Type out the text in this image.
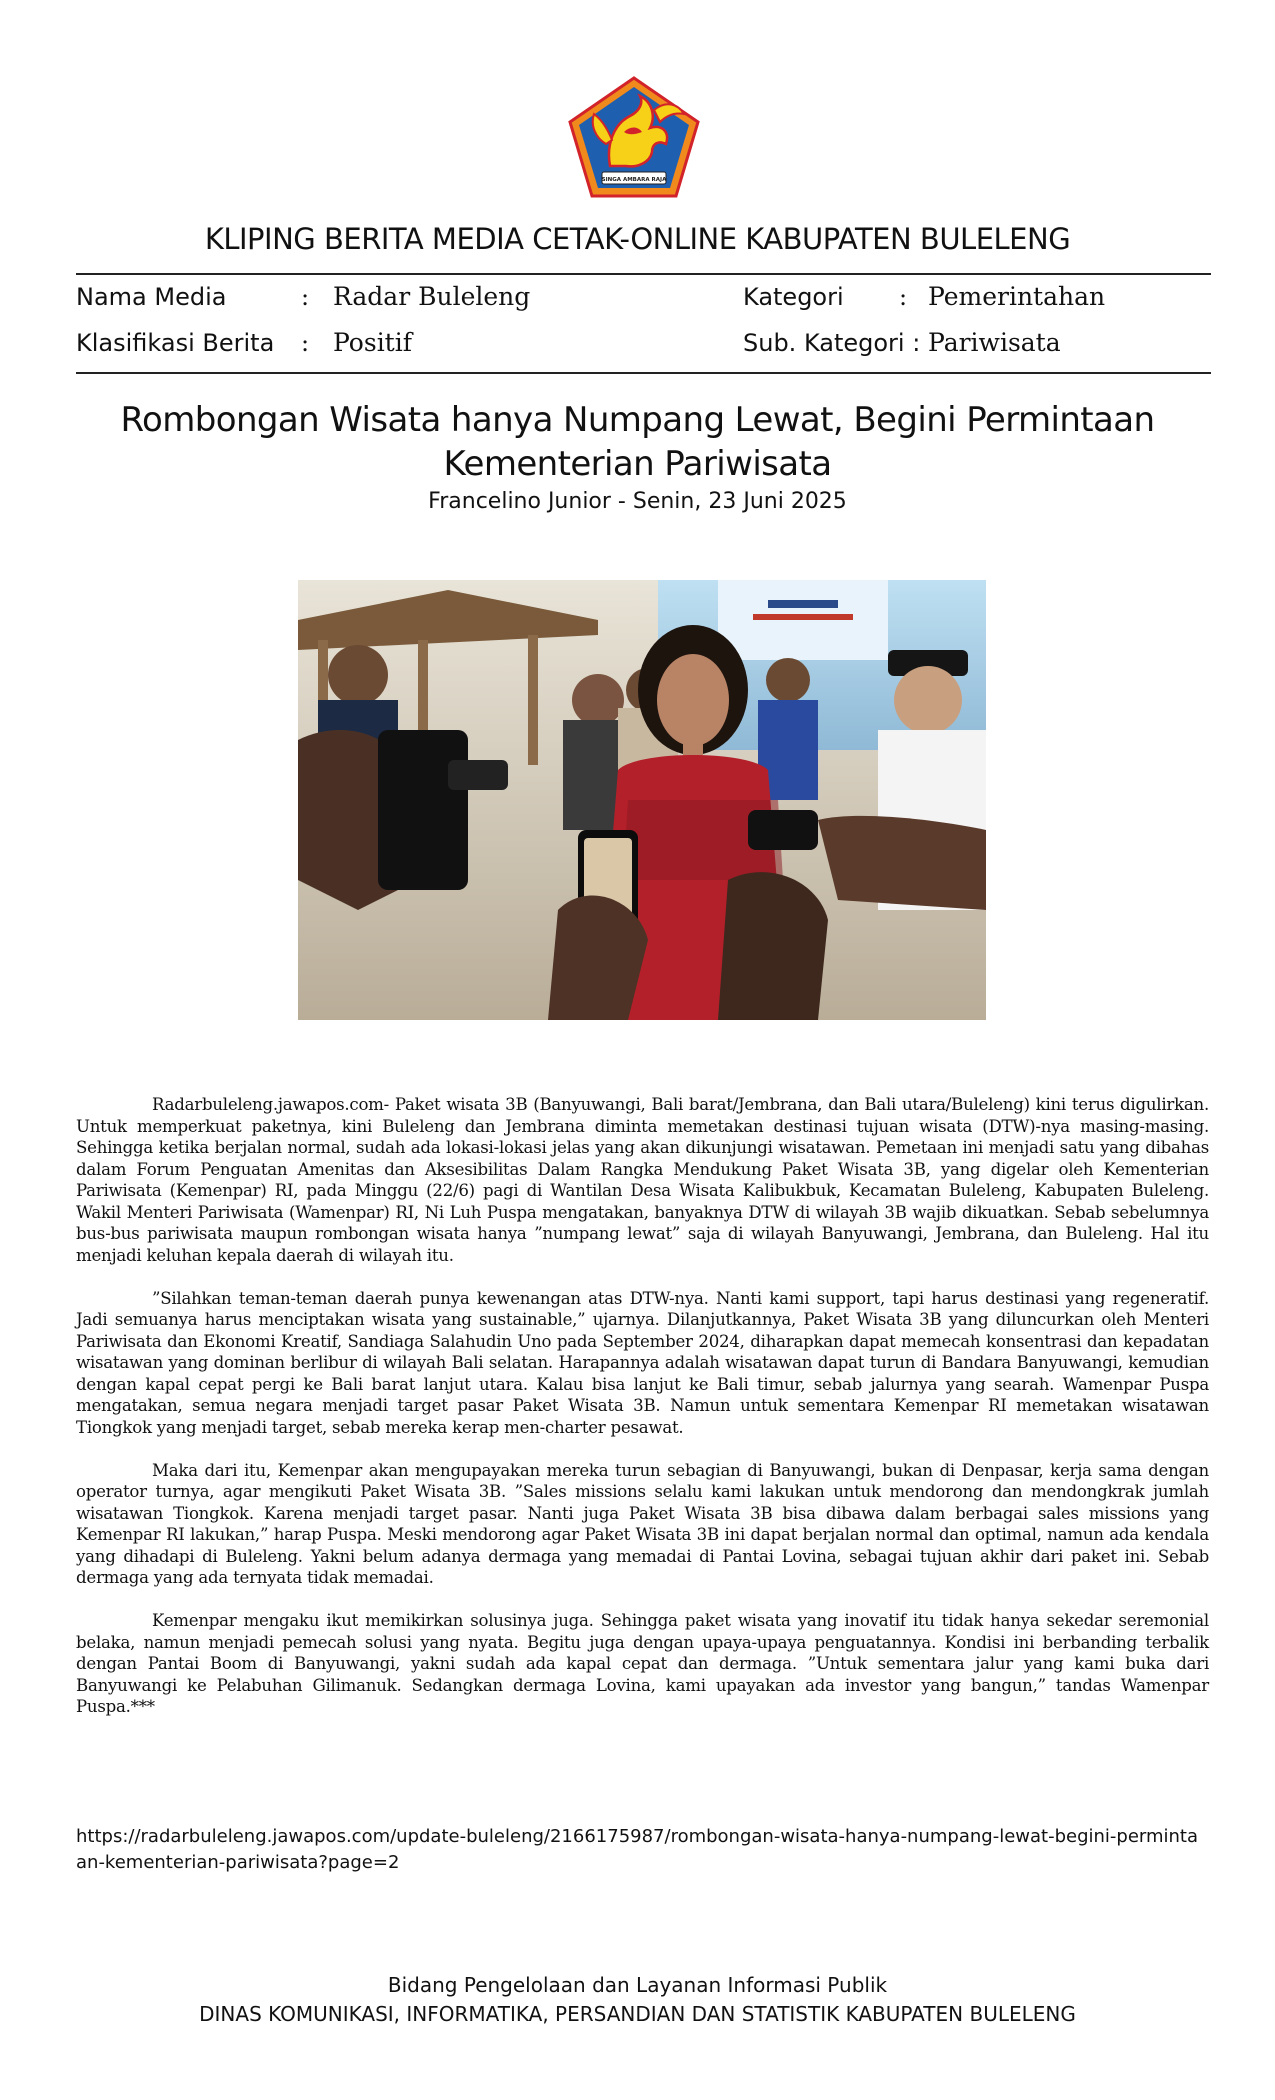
SINGA AMBARA RAJA
KLIPING BERITA MEDIA CETAK-ONLINE KABUPATEN BULELENG
Nama Media	: Radar Buleleng	Kategori : Pemerintahan
Klasifikasi Berita : Positif	Sub. Kategori : Pariwisata
Rombongan Wisata hanya Numpang Lewat, Begini Permintaan Kementerian Pariwisata
Francelino Junior - Senin, 23 Juni 2025

Radarbuleleng.jawapos.com- Paket wisata 3B (Banyuwangi, Bali barat/Jembrana, dan Bali utara/Buleleng) kini terus digulirkan. Untuk memperkuat paketnya, kini Buleleng dan Jembrana diminta memetakan destinasi tujuan wisata (DTW)-nya masing-masing. Sehingga ketika berjalan normal, sudah ada lokasi-lokasi jelas yang akan dikunjungi wisatawan. Pemetaan ini menjadi satu yang dibahas dalam Forum Penguatan Amenitas dan Aksesibilitas Dalam Rangka Mendukung Paket Wisata 3B, yang digelar oleh Kementerian Pariwisata (Kemenpar) RI, pada Minggu (22/6) pagi di Wantilan Desa Wisata Kalibukbuk, Kecamatan Buleleng, Kabupaten Buleleng. Wakil Menteri Pariwisata (Wamenpar) RI, Ni Luh Puspa mengatakan, banyaknya DTW di wilayah 3B wajib dikuatkan. Sebab sebelumnya bus-bus pariwisata maupun rombongan wisata hanya ”numpang lewat” saja di wilayah Banyuwangi, Jembrana, dan Buleleng. Hal itu menjadi keluhan kepala daerah di wilayah itu.

”Silahkan teman-teman daerah punya kewenangan atas DTW-nya. Nanti kami support, tapi harus destinasi yang regeneratif. Jadi semuanya harus menciptakan wisata yang sustainable,” ujarnya. Dilanjutkannya, Paket Wisata 3B yang diluncurkan oleh Menteri Pariwisata dan Ekonomi Kreatif, Sandiaga Salahudin Uno pada September 2024, diharapkan dapat memecah konsentrasi dan kepadatan wisatawan yang dominan berlibur di wilayah Bali selatan. Harapannya adalah wisatawan dapat turun di Bandara Banyuwangi, kemudian dengan kapal cepat pergi ke Bali barat lanjut utara. Kalau bisa lanjut ke Bali timur, sebab jalurnya yang searah. Wamenpar Puspa mengatakan, semua negara menjadi target pasar Paket Wisata 3B. Namun untuk sementara Kemenpar RI memetakan wisatawan Tiongkok yang menjadi target, sebab mereka kerap men-charter pesawat.

Maka dari itu, Kemenpar akan mengupayakan mereka turun sebagian di Banyuwangi, bukan di Denpasar, kerja sama dengan operator turnya, agar mengikuti Paket Wisata 3B. ”Sales missions selalu kami lakukan untuk mendorong dan mendongkrak jumlah wisatawan Tiongkok. Karena menjadi target pasar. Nanti juga Paket Wisata 3B bisa dibawa dalam berbagai sales missions yang Kemenpar RI lakukan,” harap Puspa. Meski mendorong agar Paket Wisata 3B ini dapat berjalan normal dan optimal, namun ada kendala yang dihadapi di Buleleng. Yakni belum adanya dermaga yang memadai di Pantai Lovina, sebagai tujuan akhir dari paket ini. Sebab dermaga yang ada ternyata tidak memadai.

Kemenpar mengaku ikut memikirkan solusinya juga. Sehingga paket wisata yang inovatif itu tidak hanya sekedar seremonial belaka, namun menjadi pemecah solusi yang nyata. Begitu juga dengan upaya-upaya penguatannya. Kondisi ini berbanding terbalik dengan Pantai Boom di Banyuwangi, yakni sudah ada kapal cepat dan dermaga. ”Untuk sementara jalur yang kami buka dari Banyuwangi ke Pelabuhan Gilimanuk. Sedangkan dermaga Lovina, kami upayakan ada investor yang bangun,” tandas Wamenpar Puspa.***

https://radarbuleleng.jawapos.com/update-buleleng/2166175987/rombongan-wisata-hanya-numpang-lewat-begini-permintaan-kementerian-pariwisata?page=2
Bidang Pengelolaan dan Layanan Informasi Publik
DINAS KOMUNIKASI, INFORMATIKA, PERSANDIAN DAN STATISTIK KABUPATEN BULELENG
